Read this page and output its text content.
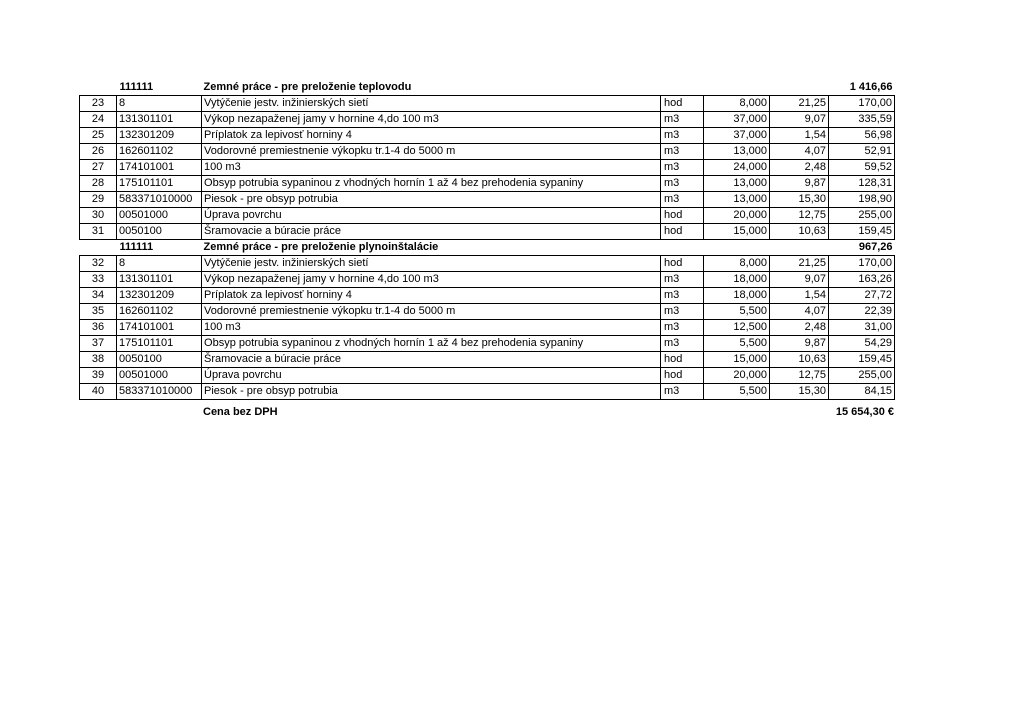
111111		Zemné práce - pre preloženie teplovodu				1 416,66
23	8	Vytýčenie jestv. inžinierských sietí	hod	8,000	21,25	170,00
24	131301101	Výkop nezapaženej jamy v hornine 4,do 100 m3	m3	37,000	9,07	335,59
25	132301209	Príplatok za lepivosť horniny 4	m3	37,000	1,54	56,98
26	162601102	Vodorovné premiestnenie výkopku tr.1-4 do 5000 m	m3	13,000	4,07	52,91
27	174101001	100 m3	m3	24,000	2,48	59,52
28	175101101	Obsyp potrubia sypaninou z vhodných hornín 1 až 4 bez prehodenia sypaniny	m3	13,000	9,87	128,31
29	583371010000	Piesok - pre obsyp potrubia	m3	13,000	15,30	198,90
30	00501000	Úprava povrchu	hod	20,000	12,75	255,00
31	0050100	Šramovacie a búracie práce	hod	15,000	10,63	159,45
111111		Zemné práce - pre preloženie plynoinštalácie				967,26
32	8	Vytýčenie jestv. inžinierských sietí	hod	8,000	21,25	170,00
33	131301101	Výkop nezapaženej jamy v hornine 4,do 100 m3	m3	18,000	9,07	163,26
34	132301209	Príplatok za lepivosť horniny 4	m3	18,000	1,54	27,72
35	162601102	Vodorovné premiestnenie výkopku tr.1-4 do 5000 m	m3	5,500	4,07	22,39
36	174101001	100 m3	m3	12,500	2,48	31,00
37	175101101	Obsyp potrubia sypaninou z vhodných hornín 1 až 4 bez prehodenia sypaniny	m3	5,500	9,87	54,29
38	0050100	Šramovacie a búracie práce	hod	15,000	10,63	159,45
39	00501000	Úprava povrchu	hod	20,000	12,75	255,00
40	583371010000	Piesok - pre obsyp potrubia	m3	5,500	15,30	84,15
Cena bez DPH	15 654,30 €
